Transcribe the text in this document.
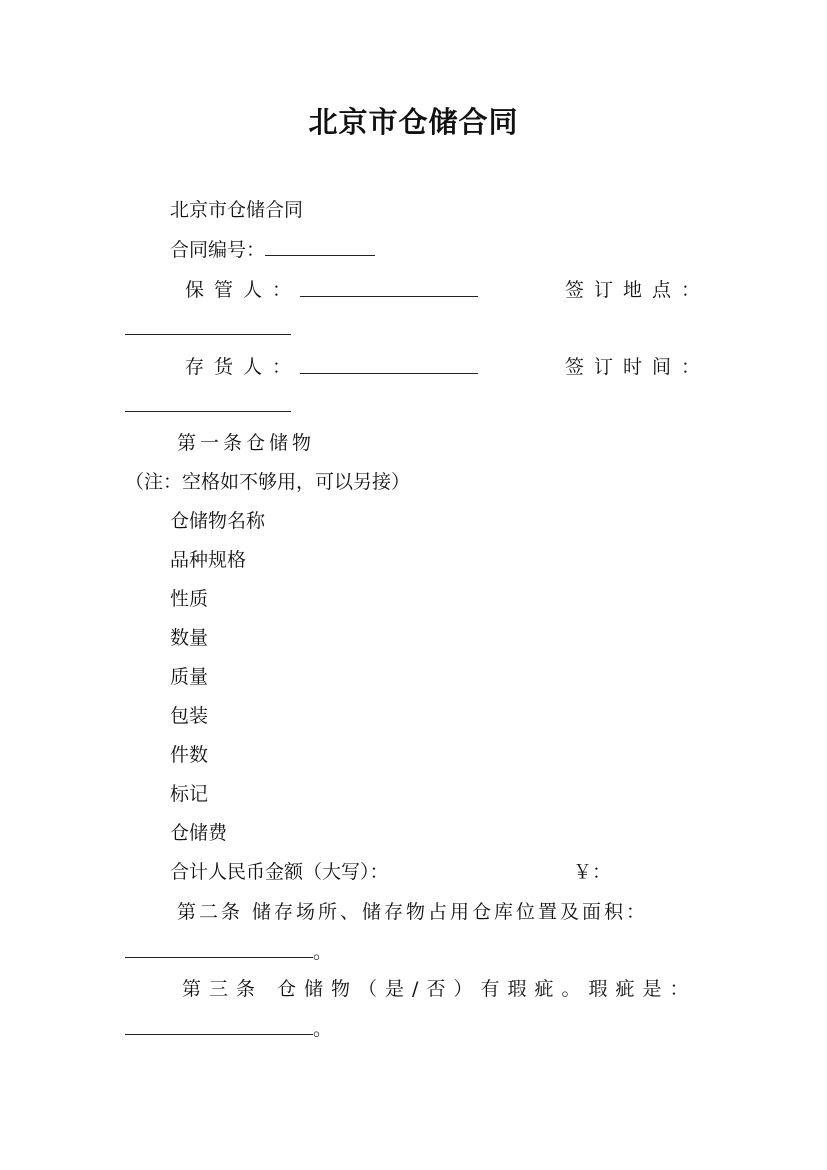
北京市仓储合同
北京市仓储合同
合同编号：
保管人：	签订地点：
存货人：	签订时间：
第一条仓储物
（注：空格如不够用，可以另接）
仓储物名称
品种规格
性质
数量
质量
包装
件数
标记
仓储费
合计人民币金额（大写）：	￥：
第二条 储存场所、储存物占用仓库位置及面积：
。
第三条 仓储物（是/否）有瑕疵。瑕疵是：
。
